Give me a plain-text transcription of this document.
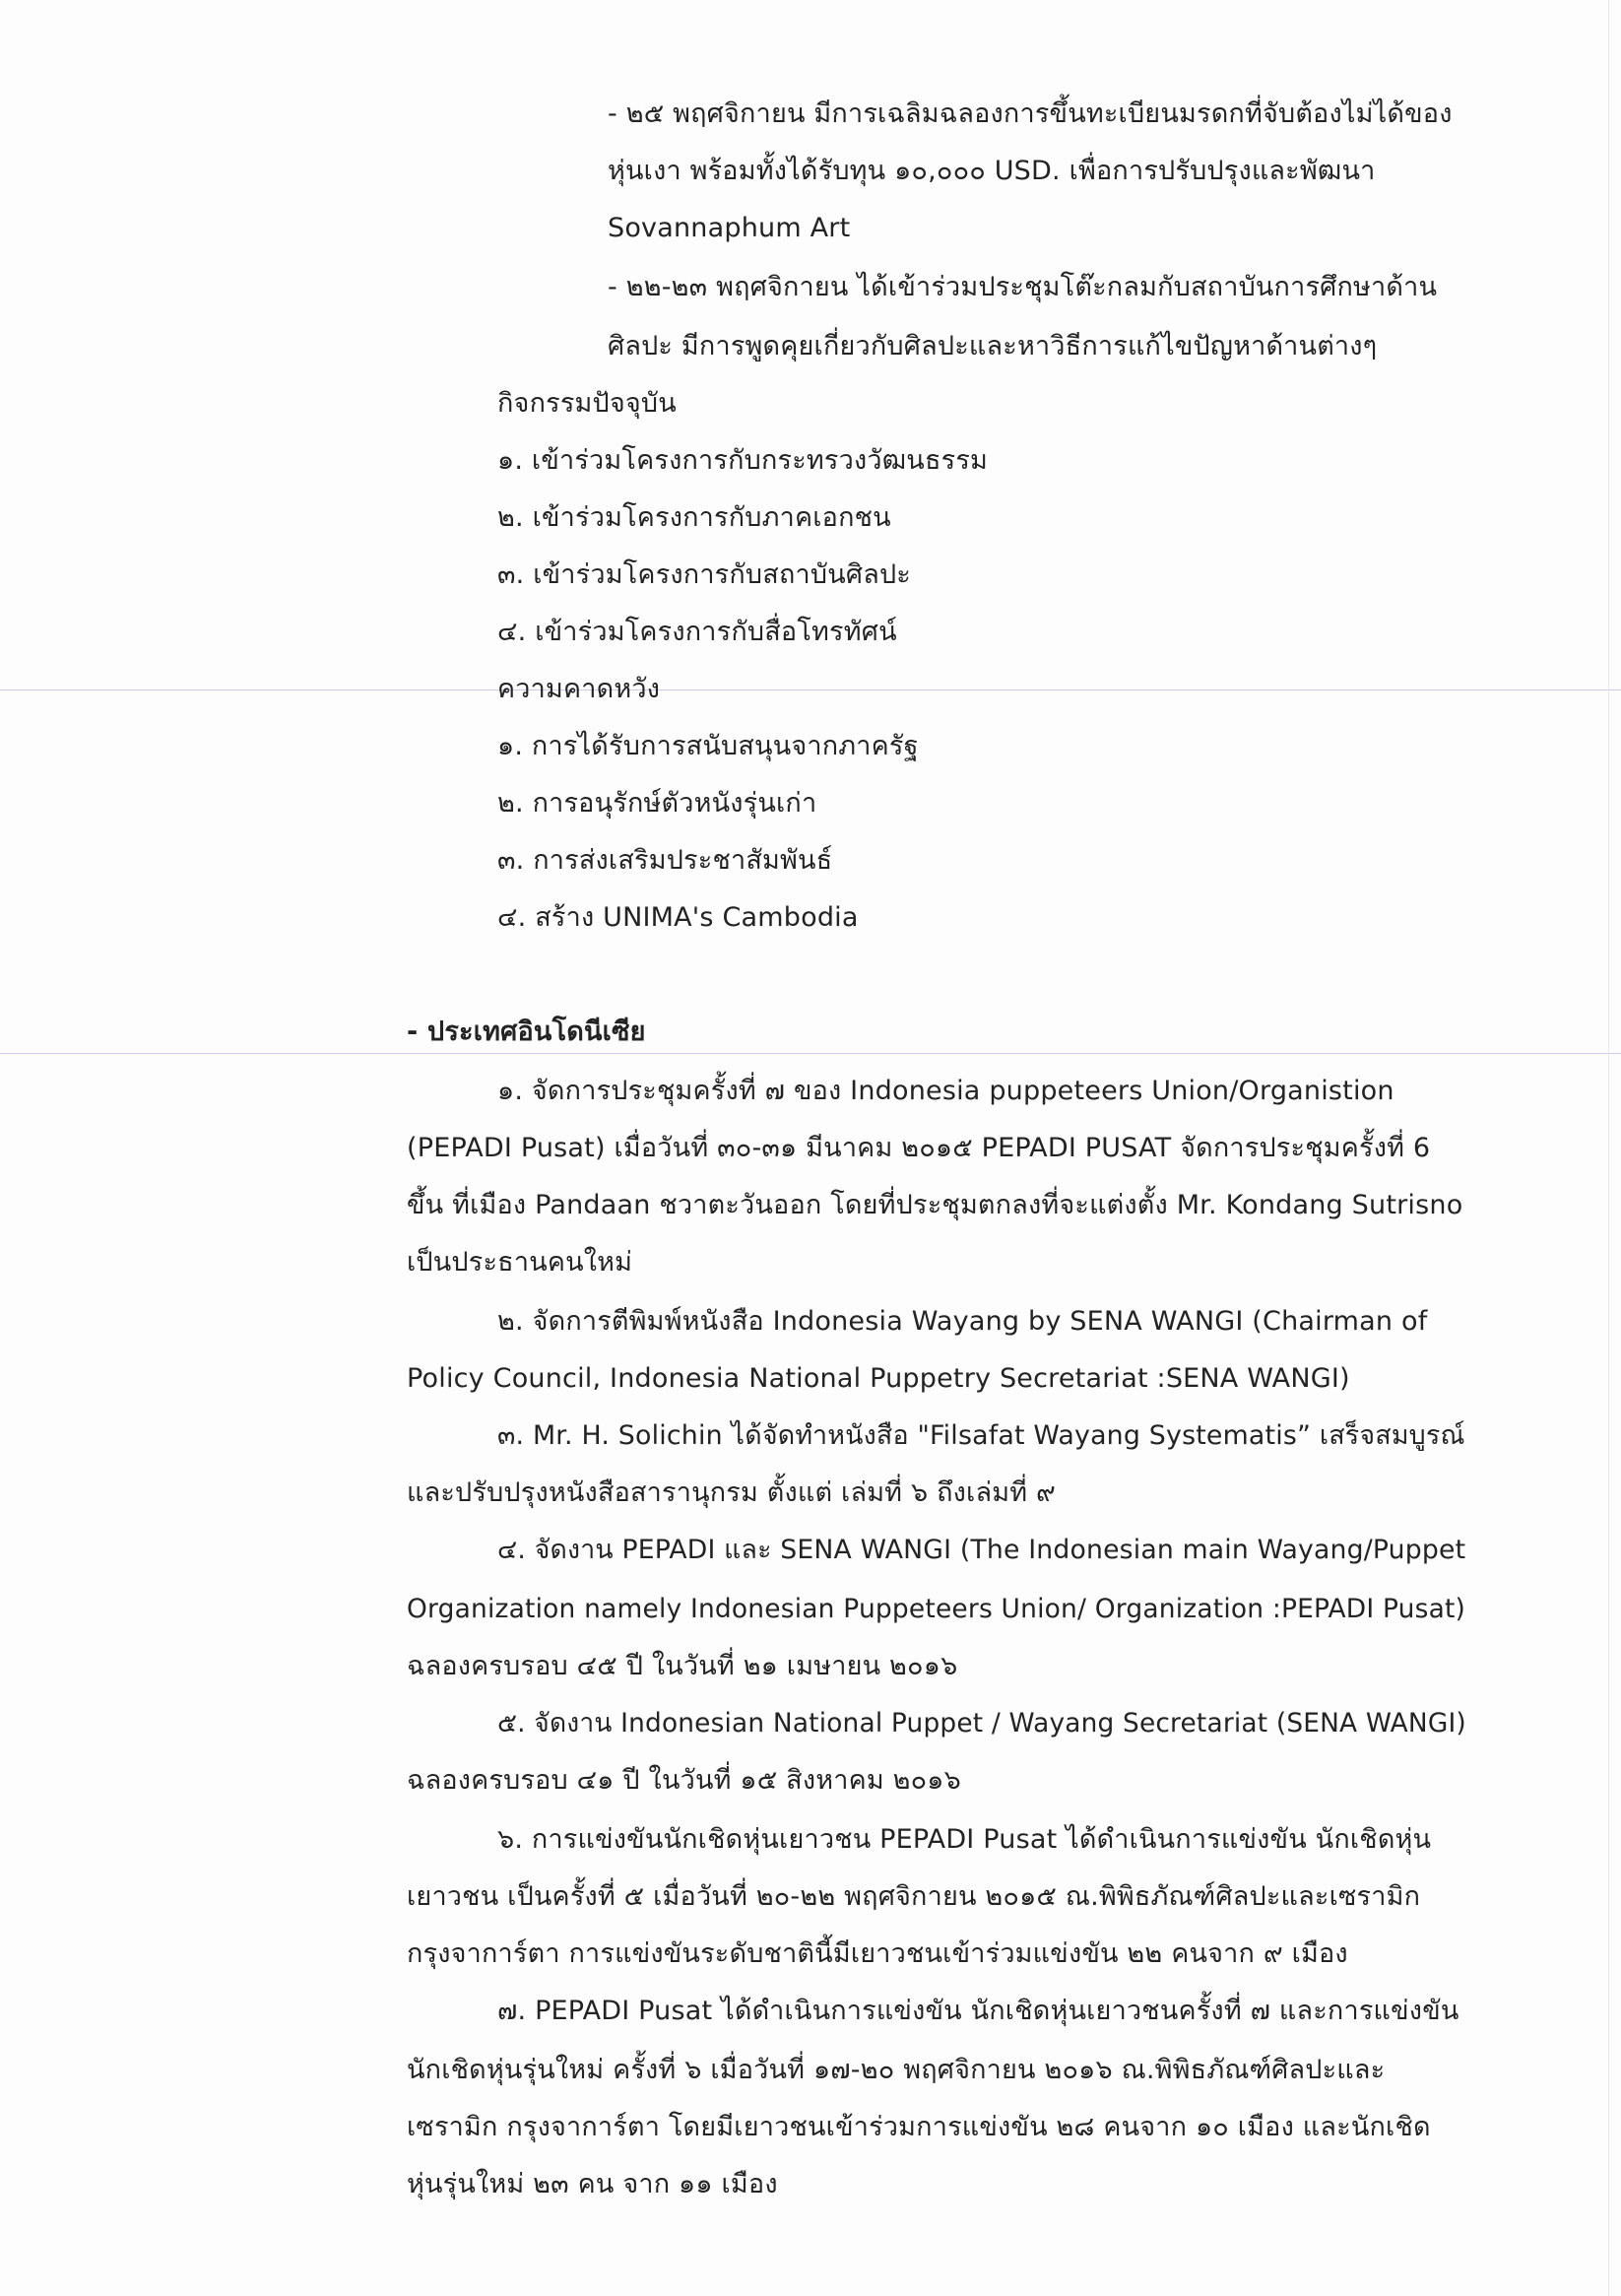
- ๒๕ พฤศจิกายน มีการเฉลิมฉลองการขึ้นทะเบียนมรดกที่จับต้องไม่ได้ของ
หุ่นเงา พร้อมทั้งได้รับทุน ๑๐,๐๐๐ USD. เพื่อการปรับปรุงและพัฒนา
Sovannaphum Art
- ๒๒-๒๓ พฤศจิกายน ได้เข้าร่วมประชุมโต๊ะกลมกับสถาบันการศึกษาด้าน
ศิลปะ มีการพูดคุยเกี่ยวกับศิลปะและหาวิธีการแก้ไขปัญหาด้านต่างๆ
กิจกรรมปัจจุบัน
๑. เข้าร่วมโครงการกับกระทรวงวัฒนธรรม
๒. เข้าร่วมโครงการกับภาคเอกชน
๓. เข้าร่วมโครงการกับสถาบันศิลปะ
๔. เข้าร่วมโครงการกับสื่อโทรทัศน์
ความคาดหวัง
๑. การได้รับการสนับสนุนจากภาครัฐ
๒. การอนุรักษ์ตัวหนังรุ่นเก่า
๓. การส่งเสริมประชาสัมพันธ์
๔. สร้าง UNIMA's Cambodia
- ประเทศอินโดนีเซีย
๑. จัดการประชุมครั้งที่ ๗ ของ Indonesia puppeteers Union/Organistion
(PEPADI Pusat) เมื่อวันที่ ๓๐-๓๑ มีนาคม ๒๐๑๕ PEPADI PUSAT จัดการประชุมครั้งที่ 6
ขึ้น ที่เมือง Pandaan ชวาตะวันออก โดยที่ประชุมตกลงที่จะแต่งตั้ง Mr. Kondang Sutrisno
เป็นประธานคนใหม่
๒. จัดการตีพิมพ์หนังสือ Indonesia Wayang by SENA WANGI (Chairman of
Policy Council, Indonesia National Puppetry Secretariat :SENA WANGI)
๓. Mr. H. Solichin ได้จัดทำหนังสือ "Filsafat Wayang Systematis” เสร็จสมบูรณ์
และปรับปรุงหนังสือสารานุกรม ตั้งแต่ เล่มที่ ๖ ถึงเล่มที่ ๙
๔. จัดงาน PEPADI และ SENA WANGI (The Indonesian main Wayang/Puppet
Organization namely Indonesian Puppeteers Union/ Organization :PEPADI Pusat)
ฉลองครบรอบ ๔๕ ปี ในวันที่ ๒๑ เมษายน ๒๐๑๖
๕. จัดงาน Indonesian National Puppet / Wayang Secretariat (SENA WANGI)
ฉลองครบรอบ ๔๑ ปี ในวันที่ ๑๕ สิงหาคม ๒๐๑๖
๖. การแข่งขันนักเชิดหุ่นเยาวชน PEPADI Pusat ได้ดำเนินการแข่งขัน นักเชิดหุ่น
เยาวชน เป็นครั้งที่ ๕ เมื่อวันที่ ๒๐-๒๒ พฤศจิกายน ๒๐๑๕ ณ.พิพิธภัณฑ์ศิลปะและเซรามิก
กรุงจาการ์ตา การแข่งขันระดับชาตินี้มีเยาวชนเข้าร่วมแข่งขัน ๒๒ คนจาก ๙ เมือง
๗. PEPADI Pusat ได้ดำเนินการแข่งขัน นักเชิดหุ่นเยาวชนครั้งที่ ๗ และการแข่งขัน
นักเชิดหุ่นรุ่นใหม่ ครั้งที่ ๖ เมื่อวันที่ ๑๗-๒๐ พฤศจิกายน ๒๐๑๖ ณ.พิพิธภัณฑ์ศิลปะและ
เซรามิก กรุงจาการ์ตา โดยมีเยาวชนเข้าร่วมการแข่งขัน ๒๘ คนจาก ๑๐ เมือง และนักเชิด
หุ่นรุ่นใหม่ ๒๓ คน จาก ๑๑ เมือง
